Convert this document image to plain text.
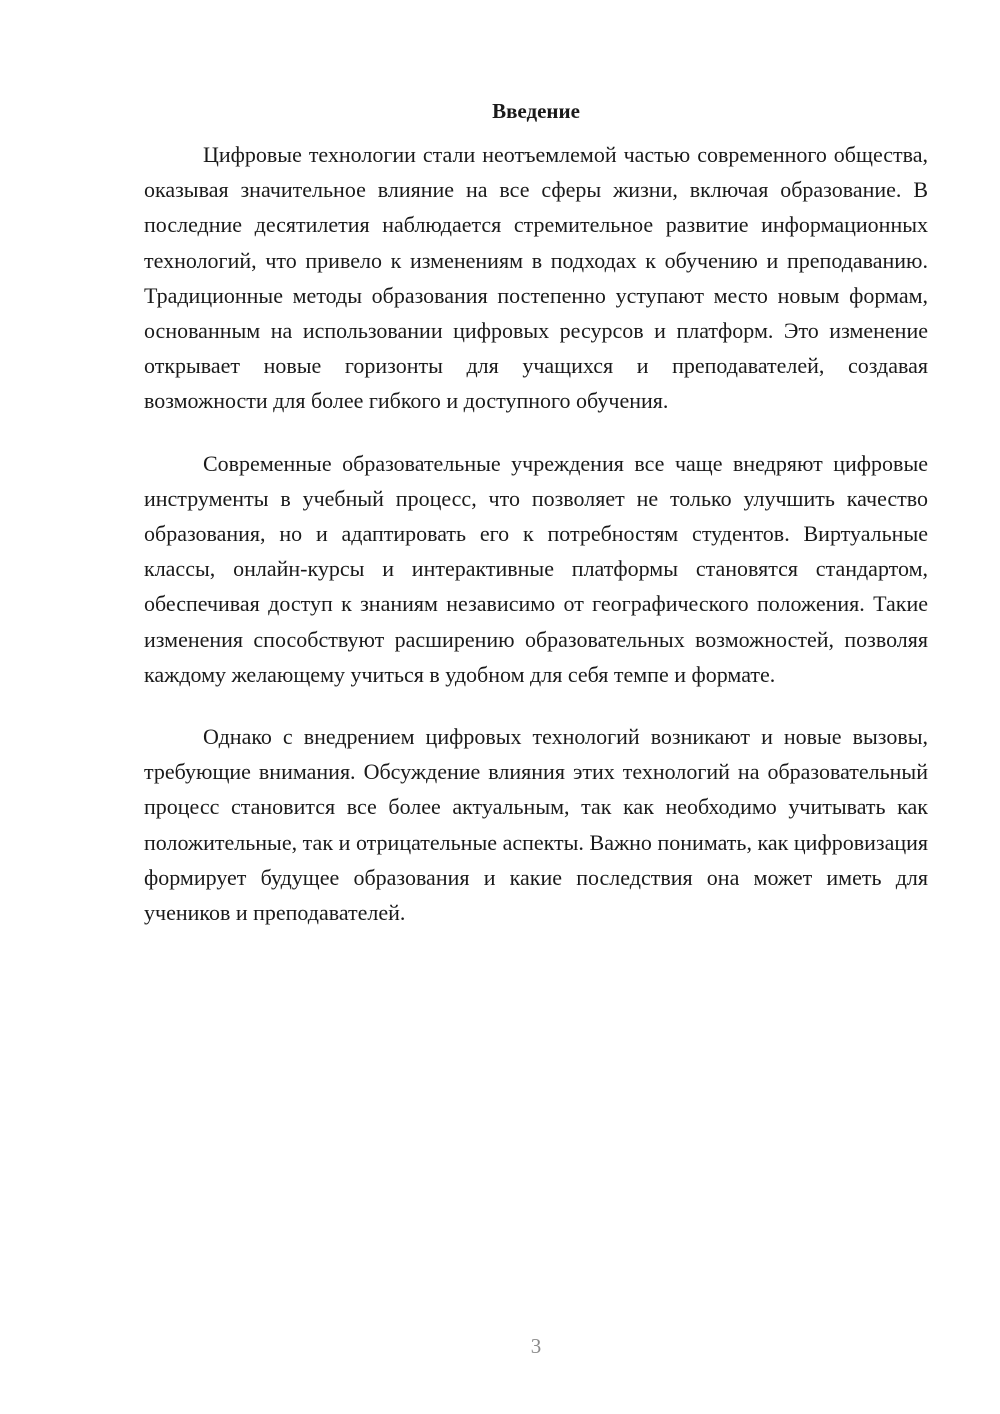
Введение

Цифровые технологии стали неотъемлемой частью современного общества, оказывая значительное влияние на все сферы жизни, включая образование. В последние десятилетия наблюдается стремительное развитие информационных технологий, что привело к изменениям в подходах к обучению и преподаванию. Традиционные методы образования постепенно уступают место новым формам, основанным на использовании цифровых ресурсов и платформ. Это изменение открывает новые горизонты для учащихся и преподавателей, создавая возможности для более гибкого и доступного обучения.

Современные образовательные учреждения все чаще внедряют цифровые инструменты в учебный процесс, что позволяет не только улучшить качество образования, но и адаптировать его к потребностям студентов. Виртуальные классы, онлайн-курсы и интерактивные платформы становятся стандартом, обеспечивая доступ к знаниям независимо от географического положения. Такие изменения способствуют расширению образовательных возможностей, позволяя каждому желающему учиться в удобном для себя темпе и формате.

Однако с внедрением цифровых технологий возникают и новые вызовы, требующие внимания. Обсуждение влияния этих технологий на образовательный процесс становится все более актуальным, так как необходимо учитывать как положительные, так и отрицательные аспекты. Важно понимать, как цифровизация формирует будущее образования и какие последствия она может иметь для учеников и преподавателей.

3
